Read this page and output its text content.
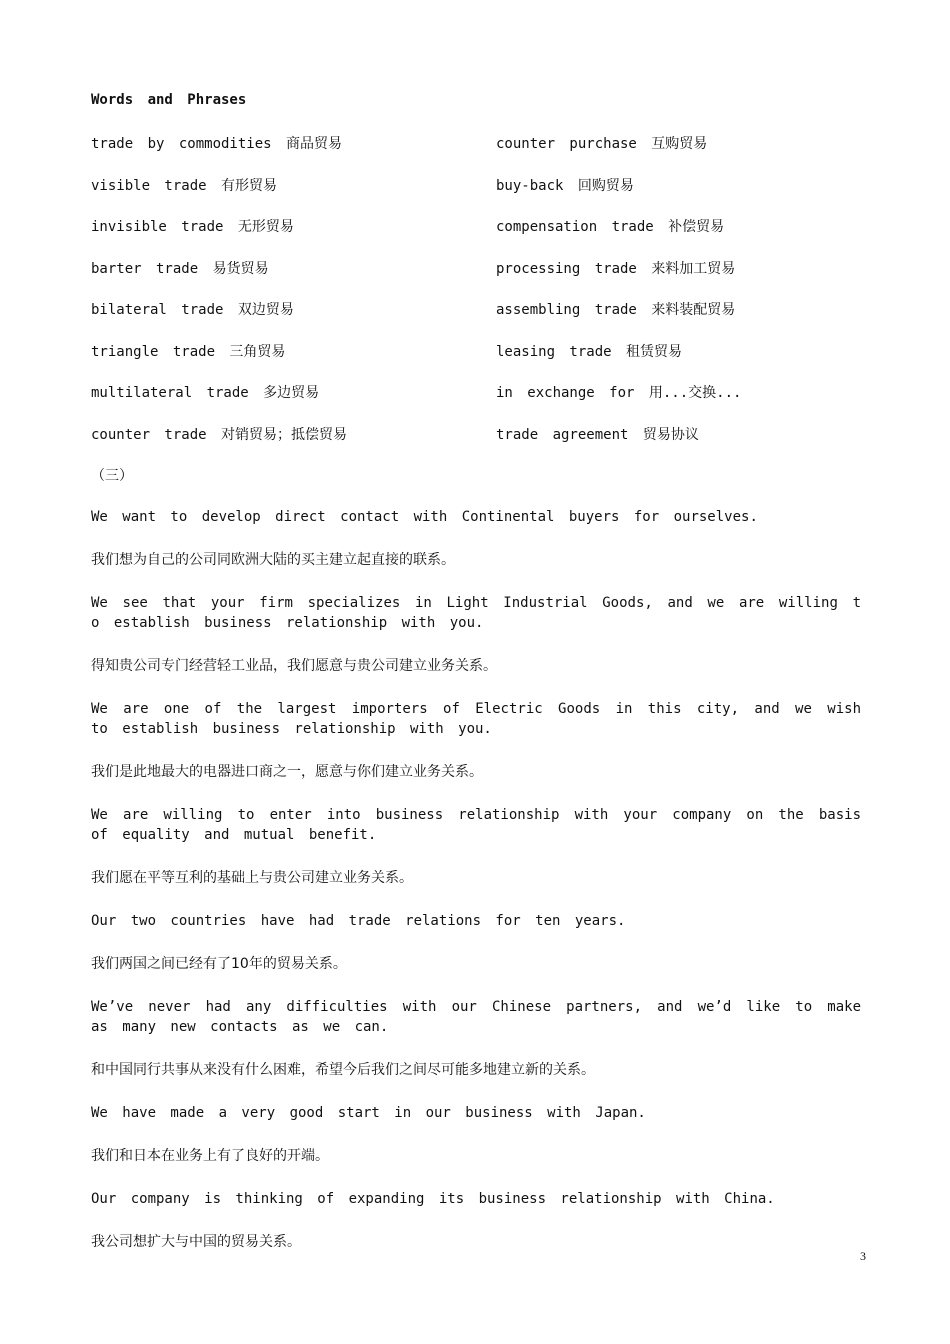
Words and Phrases
trade by commodities 商品贸易	counter purchase 互购贸易
visible trade 有形贸易	buy-back 回购贸易
invisible trade 无形贸易	compensation trade 补偿贸易
barter trade 易货贸易	processing trade 来料加工贸易
bilateral trade 双边贸易	assembling trade 来料装配贸易
triangle trade 三角贸易	leasing trade 租赁贸易
multilateral trade 多边贸易	in exchange for 用...交换...
counter trade 对销贸易；抵偿贸易	trade agreement 贸易协议
（三）

We want to develop direct contact with Continental buyers for ourselves.

我们想为自己的公司同欧洲大陆的买主建立起直接的联系。

We see that your firm specializes in Light Industrial Goods, and we are willing to establish business relationship with you.

得知贵公司专门经营轻工业品，我们愿意与贵公司建立业务关系。

We are one of the largest importers of Electric Goods in this city, and we wish to establish business relationship with you.

我们是此地最大的电器进口商之一，愿意与你们建立业务关系。

We are willing to enter into business relationship with your company on the basis of equality and mutual benefit.

我们愿在平等互利的基础上与贵公司建立业务关系。

Our two countries have had trade relations for ten years.

我们两国之间已经有了10年的贸易关系。

We’ve never had any difficulties with our Chinese partners, and we’d like to make as many new contacts as we can.

和中国同行共事从来没有什么困难，希望今后我们之间尽可能多地建立新的关系。

We have made a very good start in our business with Japan.

我们和日本在业务上有了良好的开端。

Our company is thinking of expanding its business relationship with China.

我公司想扩大与中国的贸易关系。

3
